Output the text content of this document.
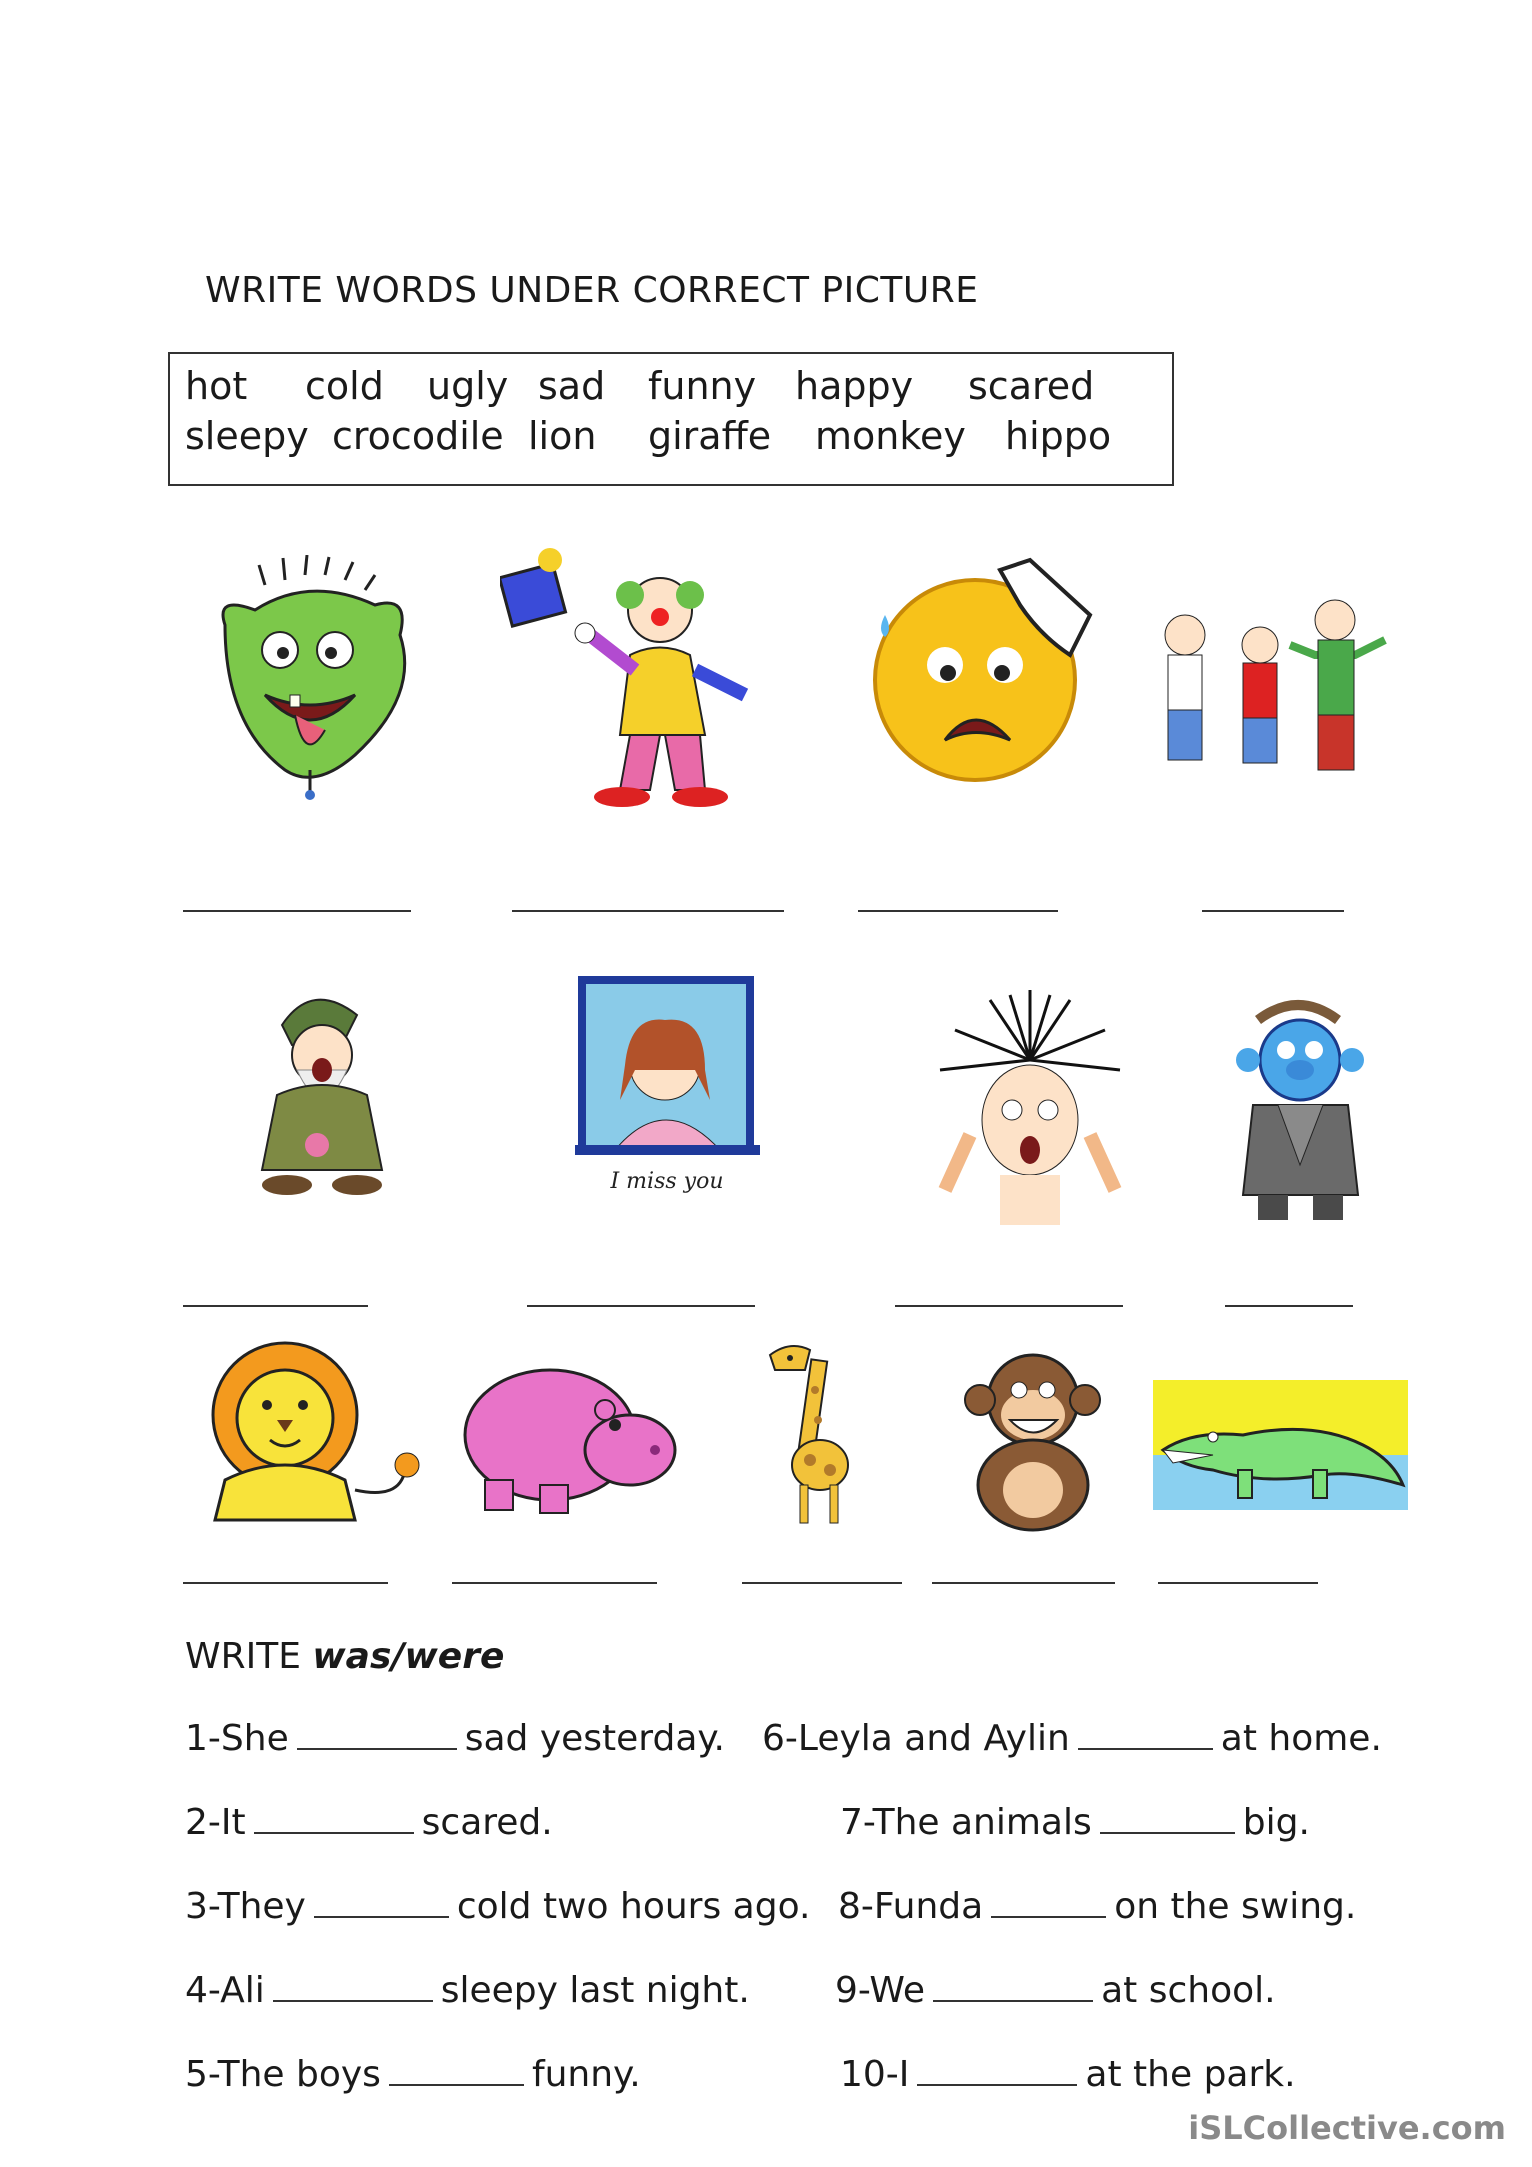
WRITE WORDS UNDER CORRECT PICTURE
hot cold ugly sad funny happy scared
sleepy crocodile lion giraffe monkey hippo
I miss you
WRITE was/were
1-She	sad yesterday.
2-It	scared.
3-They	cold two hours ago.
4-Ali	sleepy last night.
5-The boys	funny.
6-Leyla and Aylin	at home.
7-The animals	big.
8-Funda	on the swing.
9-We	at school.
10-I	at the park.
iSLCollective.com
